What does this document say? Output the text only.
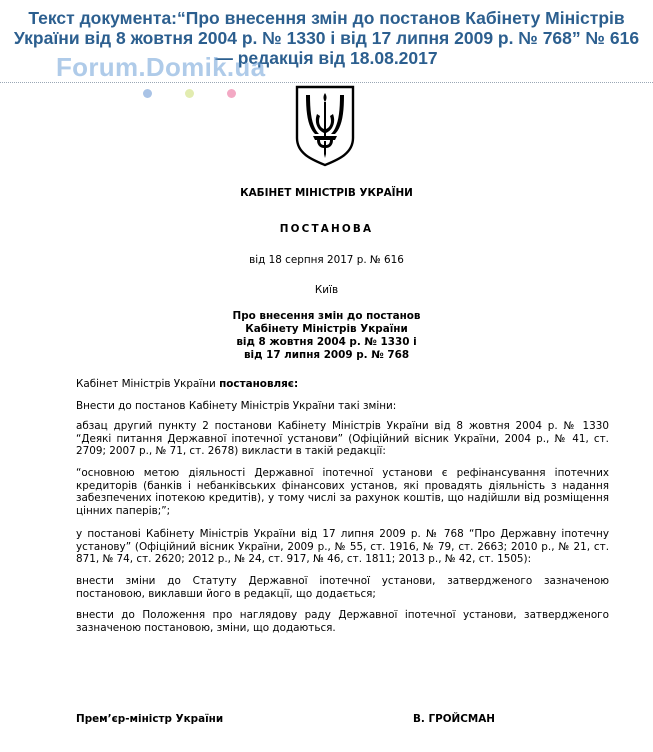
Текст документа:“Про внесення змін до постанов Кабінету Міністрів
України від 8 жовтня 2004 р. № 1330 і від 17 липня 2009 р. № 768” № 616
— редакція від 18.08.2017
Forum.Domik.ua
КАБІНЕТ МІНІСТРІВ УКРАЇНИ
ПОСТАНОВА
від 18 серпня 2017 р. № 616
Київ
Про внесення змін до постанов
Кабінету Міністрів України
від 8 жовтня 2004 р. № 1330 і
від 17 липня 2009 р. № 768
Кабінет Міністрів України постановляє:
Внести до постанов Кабінету Міністрів України такі зміни:
абзац другий пункту 2 постанови Кабінету Міністрів України від 8 жовтня 2004 р. № 1330 “Деякі питання Державної іпотечної установи” (Офіційний вісник України, 2004 р., № 41, ст. 2709; 2007 р., № 71, ст. 2678) викласти в такій редакції:
“основною метою діяльності Державної іпотечної установи є рефінансування іпотечних кредиторів (банків і небанківських фінансових установ, які провадять діяльність з надання забезпечених іпотекою кредитів), у тому числі за рахунок коштів, що надійшли від розміщення цінних паперів;”;
у постанові Кабінету Міністрів України від 17 липня 2009 р. № 768 “Про Державну іпотечну установу” (Офіційний вісник України, 2009 р., № 55, ст. 1916, № 79, ст. 2663; 2010 р., № 21, ст. 871, № 74, ст. 2620; 2012 р., № 24, ст. 917, № 46, ст. 1811; 2013 р., № 42, ст. 1505):
внести зміни до Статуту Державної іпотечної установи, затвердженого зазначеною постановою, виклавши його в редакції, що додається;
внести до Положення про наглядову раду Державної іпотечної установи, затвердженого зазначеною постановою, зміни, що додаються.
Прем’єр-міністр України	В. ГРОЙСМАН
